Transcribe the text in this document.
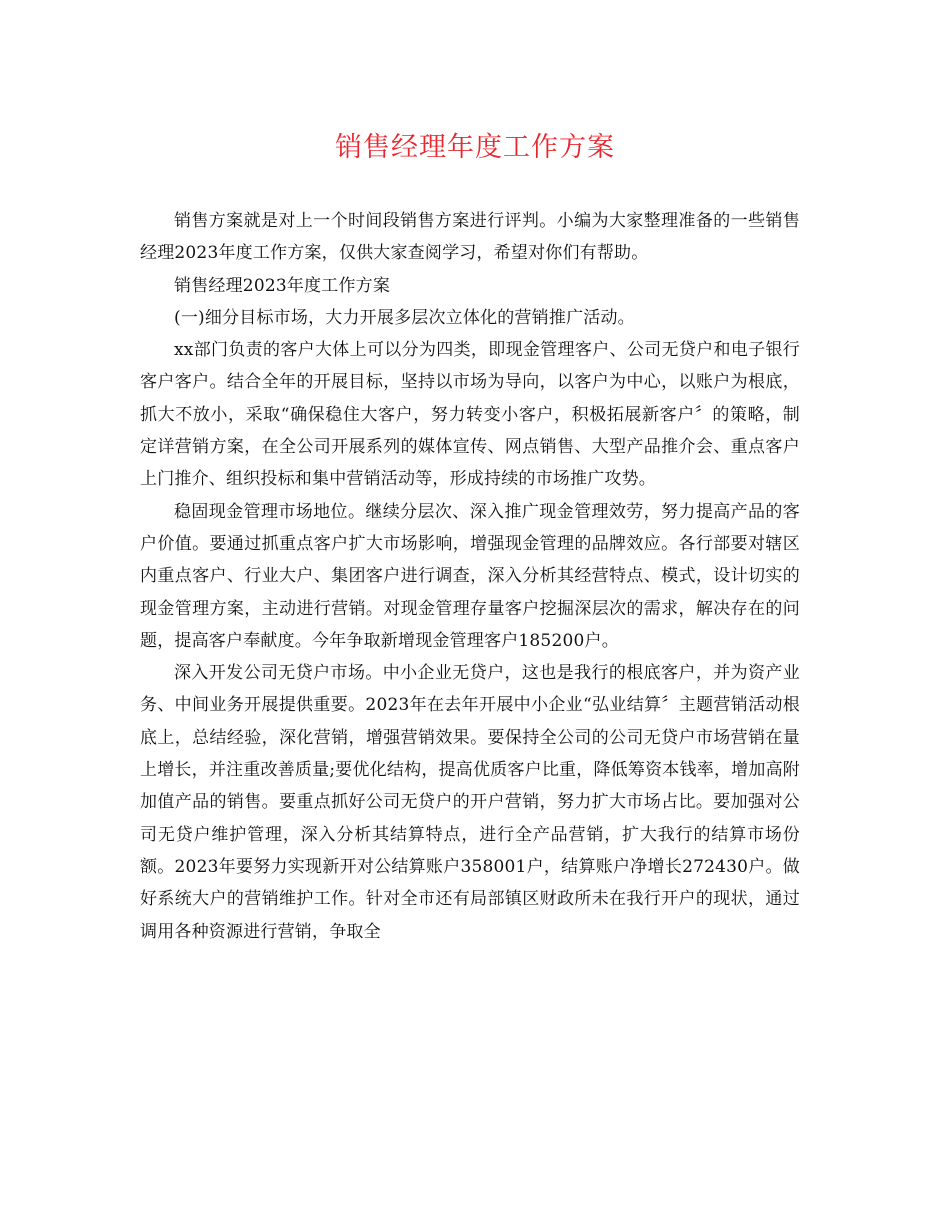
销售经理年度工作方案

销售方案就是对上一个时间段销售方案进行评判。小编为大家整理准备的一些销售经理2023年度工作方案，仅供大家查阅学习，希望对你们有帮助。

销售经理2023年度工作方案

(一)细分目标市场，大力开展多层次立体化的营销推广活动。

xx部门负责的客户大体上可以分为四类，即现金管理客户、公司无贷户和电子银行客户客户。结合全年的开展目标，坚持以市场为导向，以客户为中心，以账户为根底，抓大不放小，采取“确保稳住大客户，努力转变小客户，积极拓展新客户〞的策略，制定详营销方案，在全公司开展系列的媒体宣传、网点销售、大型产品推介会、重点客户上门推介、组织投标和集中营销活动等，形成持续的市场推广攻势。

稳固现金管理市场地位。继续分层次、深入推广现金管理效劳，努力提高产品的客户价值。要通过抓重点客户扩大市场影响，增强现金管理的品牌效应。各行部要对辖区内重点客户、行业大户、集团客户进行调查，深入分析其经营特点、模式，设计切实的现金管理方案，主动进行营销。对现金管理存量客户挖掘深层次的需求，解决存在的问题，提高客户奉献度。今年争取新增现金管理客户185200户。

深入开发公司无贷户市场。中小企业无贷户，这也是我行的根底客户，并为资产业务、中间业务开展提供重要。2023年在去年开展中小企业“弘业结算〞主题营销活动根底上，总结经验，深化营销，增强营销效果。要保持全公司的公司无贷户市场营销在量上增长，并注重改善质量;要优化结构，提高优质客户比重，降低筹资本钱率，增加高附加值产品的销售。要重点抓好公司无贷户的开户营销，努力扩大市场占比。要加强对公司无贷户维护管理，深入分析其结算特点，进行全产品营销，扩大我行的结算市场份额。2023年要努力实现新开对公结算账户358001户，结算账户净增长272430户。做好系统大户的营销维护工作。针对全市还有局部镇区财政所未在我行开户的现状，通过调用各种资源进行营销，争取全
